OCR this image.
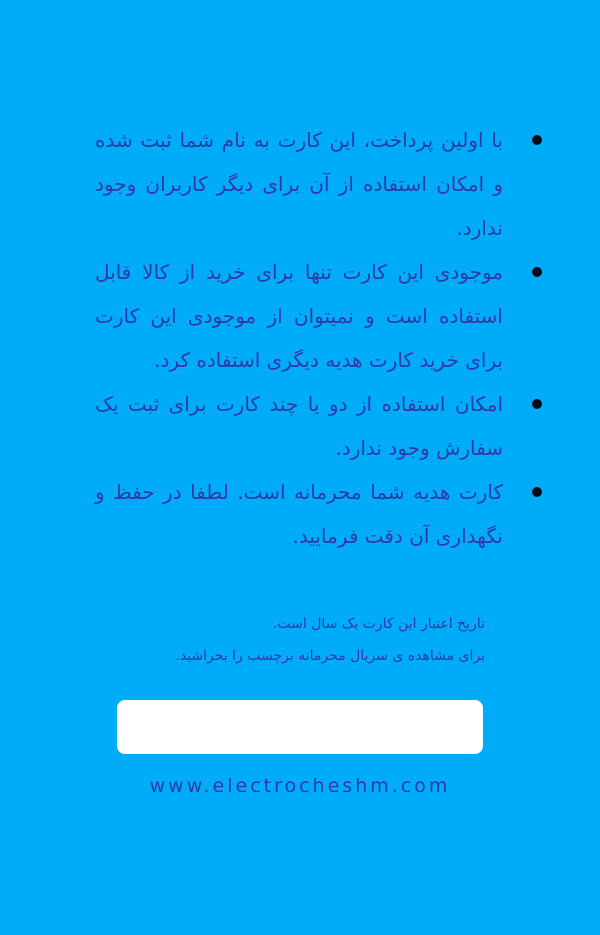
با اولین پرداخت، این کارت به نام شما ثبت شده و امکان استفاده از آن برای دیگر کاربران وجود ندارد.
موجودی این کارت تنها برای خرید از کالا قابل استفاده است و نمیتوان از موجودی این کارت برای خرید کارت هدیه دیگری استفاده کرد.
امکان استفاده از دو یا چند کارت برای ثبت یک سفارش وجود ندارد.
کارت هدیه شما محرمانه است. لطفا در حفظ و نگهداری آن دقت فرمایید.
تاریخ اعتبار این کارت یک سال است.
برای مشاهده ی سریال محرمانه برچسب را بخراشید.
www.electrocheshm.com
